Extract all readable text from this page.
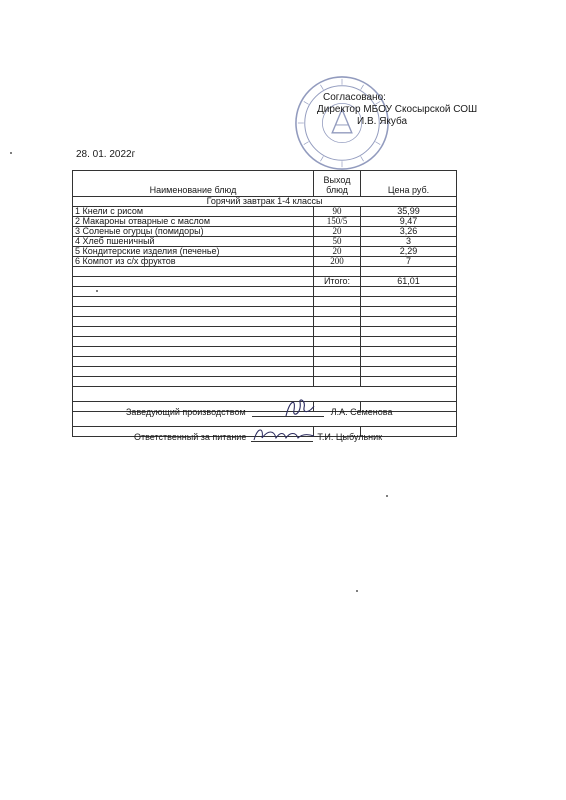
Согласовано:
Директор МБОУ Скосырской СОШ
И.В. Якуба
28. 01. 2022г
Наименование блюд	Выход блюд	Цена руб.
Горячий завтрак 1-4 классы		
1 Кнели с рисом	90	35,99
2 Макароны отварные с маслом	150/5	9,47
3 Соленые огурцы (помидоры)	20	3,26
4 Хлеб пшеничный	50	3
5 Кондитерские изделия (печенье)	20	2,29
6 Компот из с/х фруктов	200	7

	Итого:	61,01

Заведующий производством	Л.А. Семенова
Ответственный за питание	Т.И. Цыбульник
